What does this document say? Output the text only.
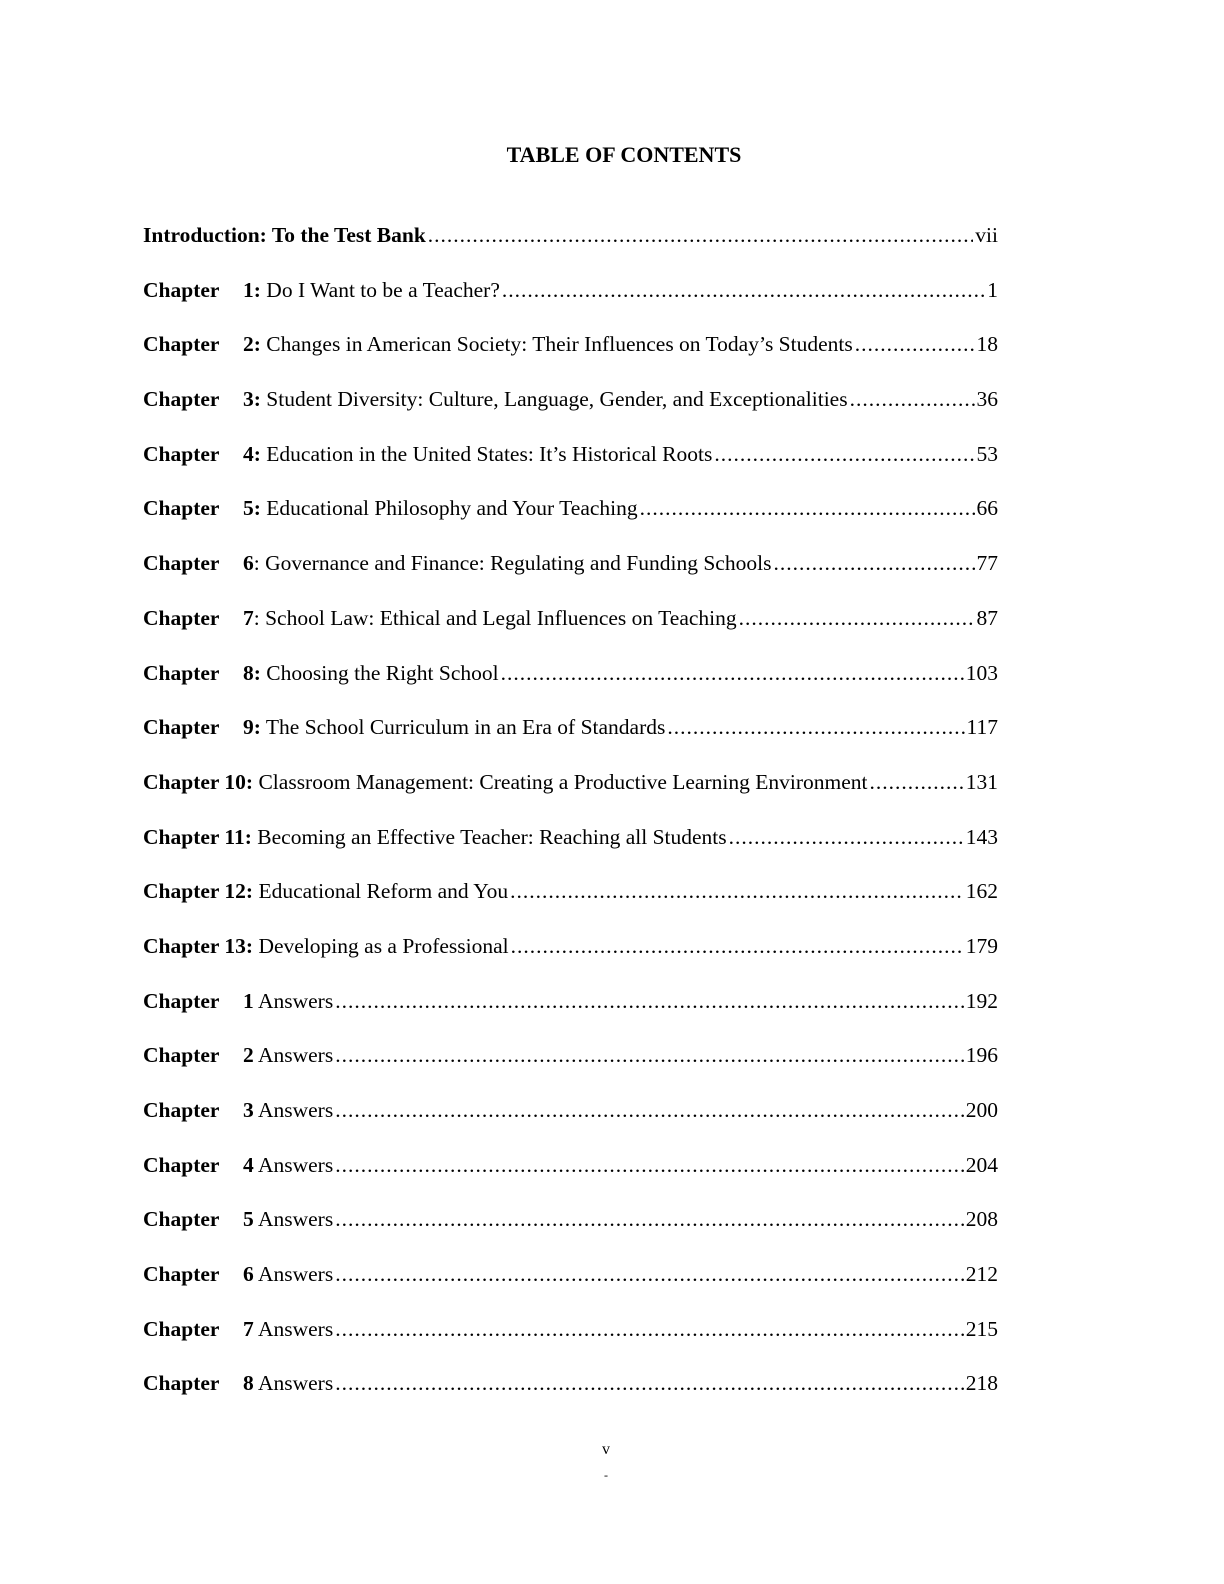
TABLE OF CONTENTS
Introduction: To the Test Bank .....	vii
Chapter 1: Do I Want to be a Teacher? .....	1
Chapter 2: Changes in American Society: Their Influences on Today’s Students .....	18
Chapter 3: Student Diversity: Culture, Language, Gender, and Exceptionalities .....	36
Chapter 4: Education in the United States: It’s Historical Roots .....	53
Chapter 5: Educational Philosophy and Your Teaching .....	66
Chapter 6: Governance and Finance: Regulating and Funding Schools .....	77
Chapter 7: School Law: Ethical and Legal Influences on Teaching .....	87
Chapter 8: Choosing the Right School .....	103
Chapter 9: The School Curriculum in an Era of Standards .....	117
Chapter 10: Classroom Management: Creating a Productive Learning Environment .....	131
Chapter 11: Becoming an Effective Teacher: Reaching all Students .....	143
Chapter 12: Educational Reform and You .....	162
Chapter 13: Developing as a Professional .....	179
Chapter 1 Answers .....	192
Chapter 2 Answers .....	196
Chapter 3 Answers .....	200
Chapter 4 Answers .....	204
Chapter 5 Answers .....	208
Chapter 6 Answers .....	212
Chapter 7 Answers .....	215
Chapter 8 Answers .....	218
v
-
